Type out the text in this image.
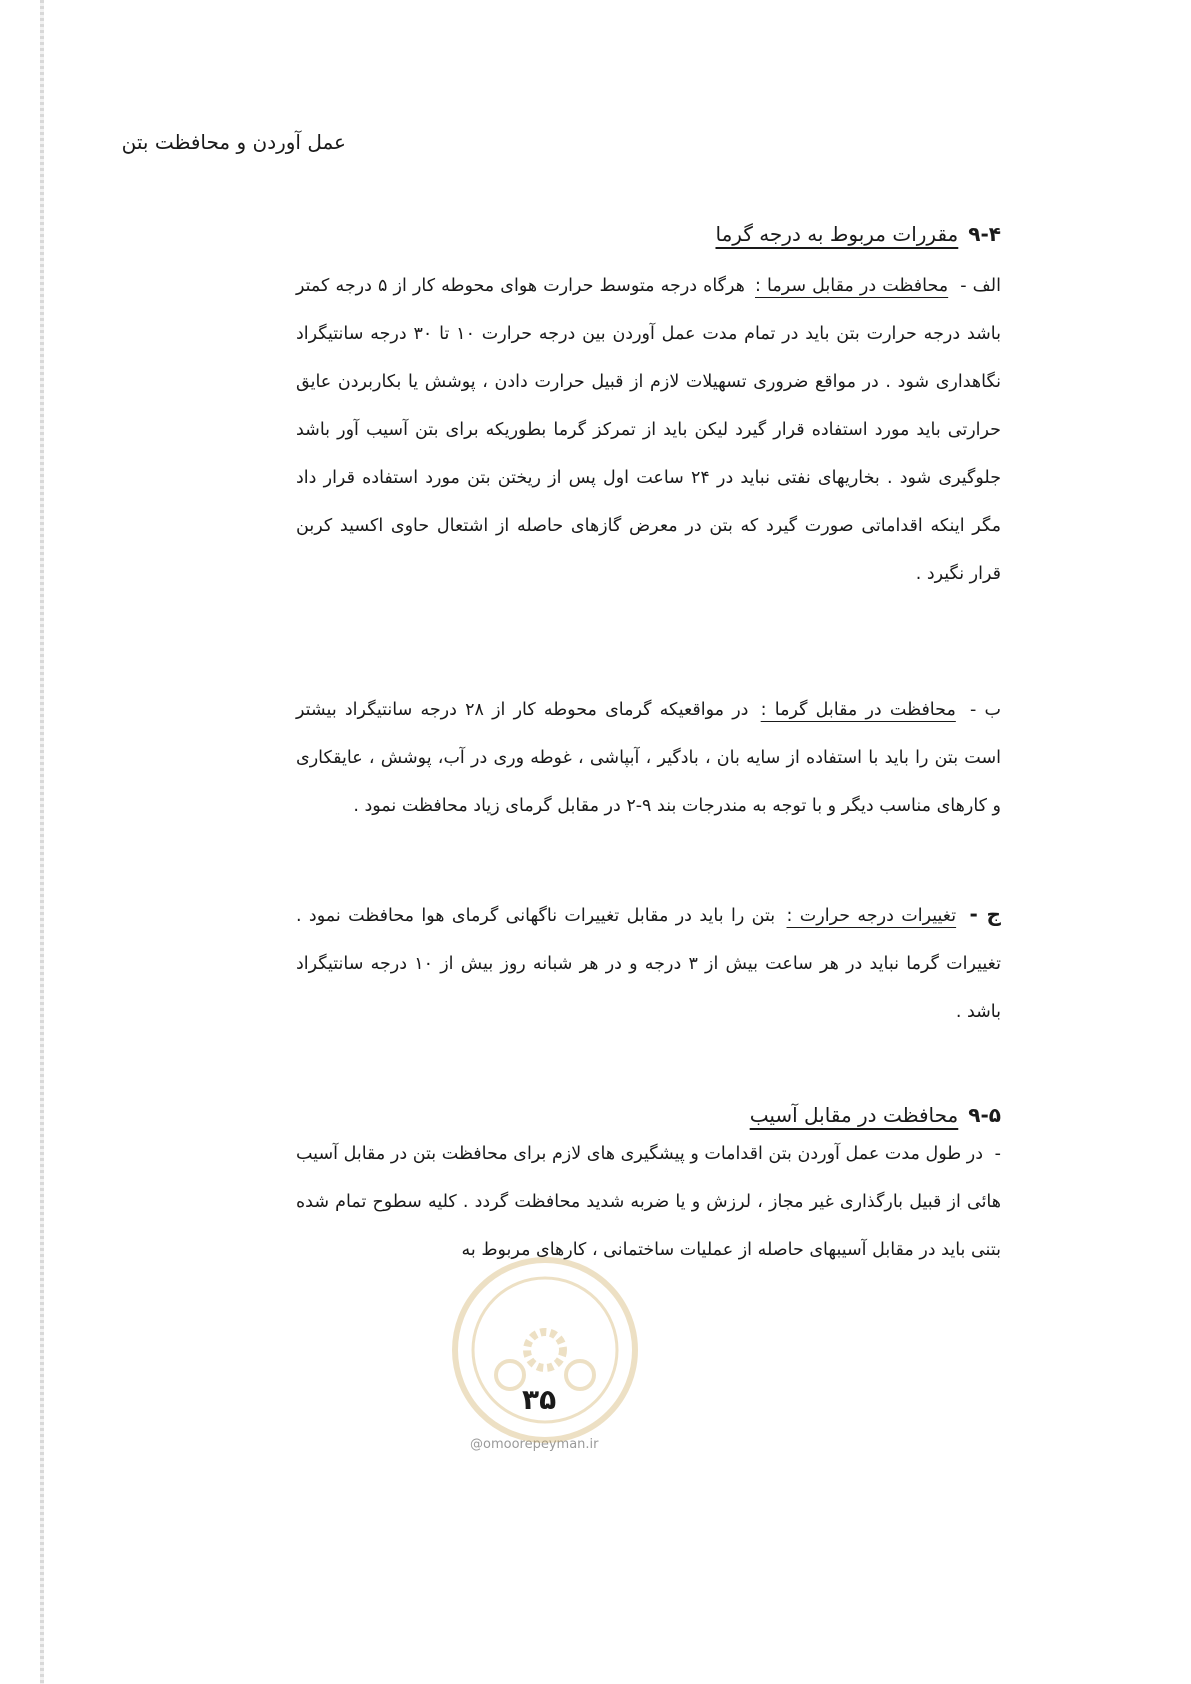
عمل آوردن و محافظت بتن
۹-۴
مقررات مربوط به درجه گرما
الف - محافظت در مقابل سرما : هرگاه درجه متوسط حرارت هوای محوطه کار از ۵ درجه کمتر باشد درجه حرارت بتن باید در تمام مدت عمل آوردن بین درجه حرارت ۱۰ تا ۳۰ درجه سانتیگراد نگاهداری شود . در مواقع ضروری تسهیلات لازم از قبیل حرارت دادن ، پوشش یا بکاربردن عایق حرارتی باید مورد استفاده قرار گیرد لیکن باید از تمرکز گرما بطوریکه برای بتن آسیب آور باشد جلوگیری شود . بخاریهای نفتی نباید در ۲۴ ساعت اول پس از ریختن بتن مورد استفاده قرار داد مگر اینکه اقداماتی صورت گیرد که بتن در معرض گازهای حاصله از اشتعال حاوی اکسید کربن قرار نگیرد .
ب - محافظت در مقابل گرما : در مواقعیکه گرمای محوطه کار از ۲۸ درجه سانتیگراد بیشتر است بتن را باید با استفاده از سایه بان ، بادگیر ، آبپاشی ، غوطه وری در آب، پوشش ، عایقکاری و کارهای مناسب دیگر و با توجه به مندرجات بند ۹-۲ در مقابل گرمای زیاد محافظت نمود .
ج - تغییرات درجه حرارت : بتن را باید در مقابل تغییرات ناگهانی گرمای هوا محافظت نمود . تغییرات گرما نباید در هر ساعت بیش از ۳ درجه و در هر شبانه روز بیش از ۱۰ درجه سانتیگراد باشد .
۹-۵
محافظت در مقابل آسیب
- در طول مدت عمل آوردن بتن اقدامات و پیشگیری های لازم برای محافظت بتن در مقابل آسیب هائی از قبیل بارگذاری غیر مجاز ، لرزش و یا ضربه شدید محافظت گردد . کلیه سطوح تمام شده بتنی باید در مقابل آسیبهای حاصله از عملیات ساختمانی ، کارهای مربوط به
۳۵
@omoorepeyman.ir
